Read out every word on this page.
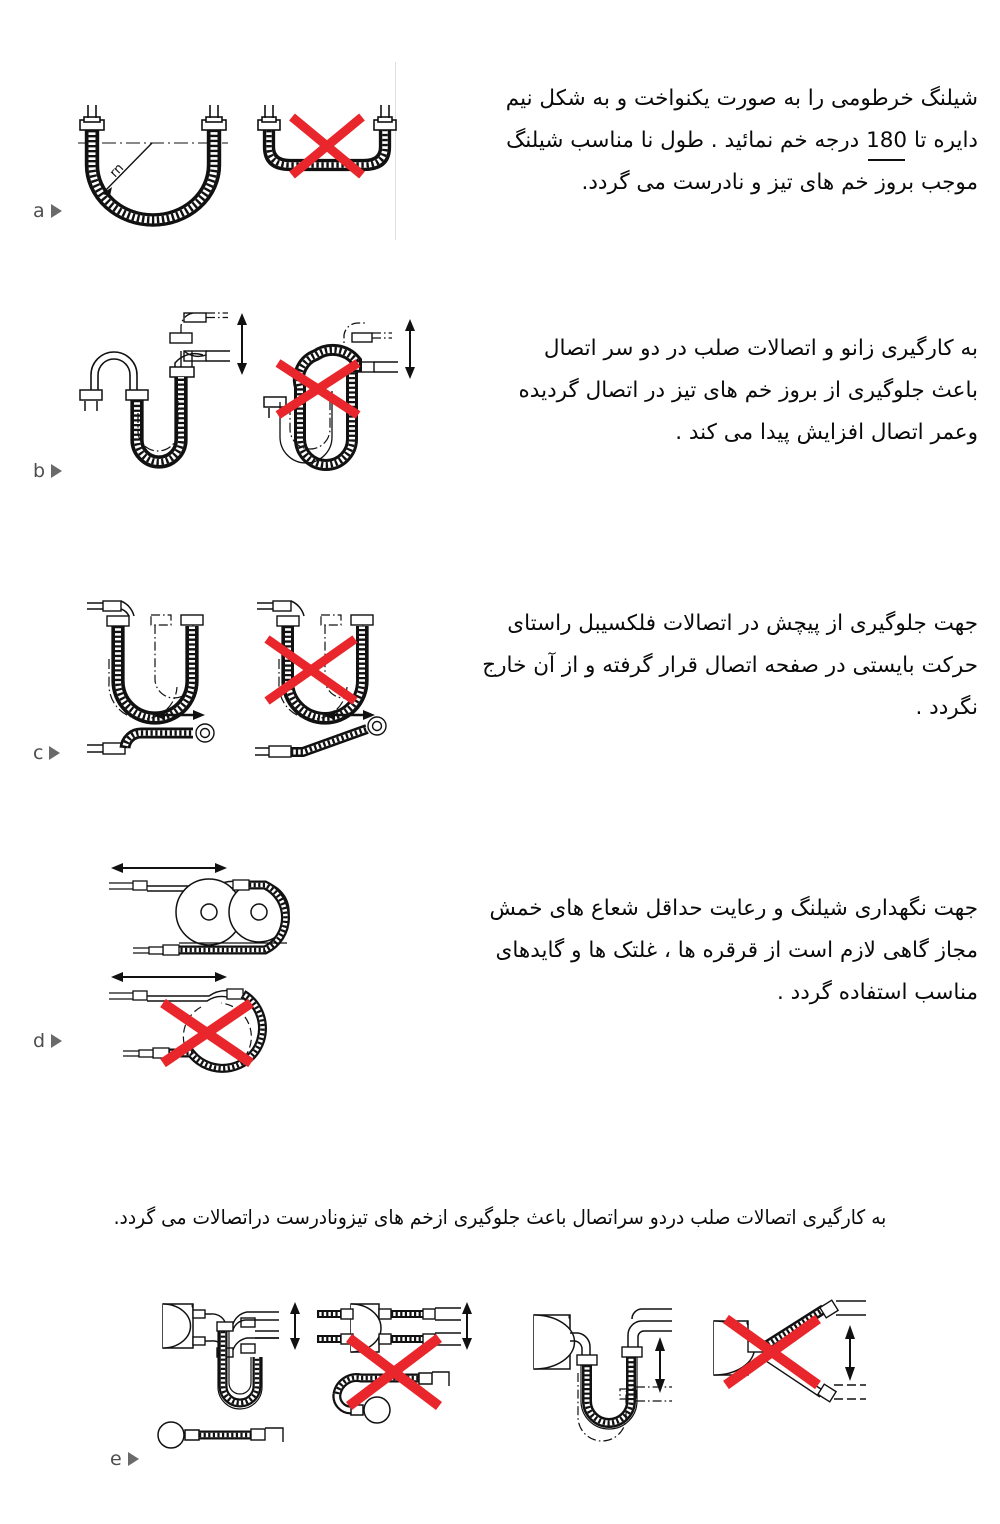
rn
a
شیلنگ خرطومی را به صورت یکنواخت و به شکل نیم‌
دایره تا 180 درجه خم نمائید . طول نا مناسب شیلنگ
موجب بروز خم های تیز و نادرست می گردد.
b
به کارگیری زانو و اتصالات صلب در دو سر اتصال
باعث جلوگیری از بروز خم های تیز در اتصال گردیده
وعمر اتصال افزایش پیدا می کند .
c
جهت جلوگیری از پیچش در اتصالات فلکسیبل راستای
حرکت بایستی در صفحه اتصال قرار گرفته و از آن خارج
نگردد .
d
جهت نگهداری شیلنگ و رعایت حداقل شعاع های خمش
مجاز گاهی لازم است از قرقره ها ، غلتک ها و گایدهای
مناسب استفاده گردد .
به کارگیری اتصالات صلب دردو سراتصال باعث جلوگیری ازخم های تیزونادرست دراتصالات می گردد.
e
